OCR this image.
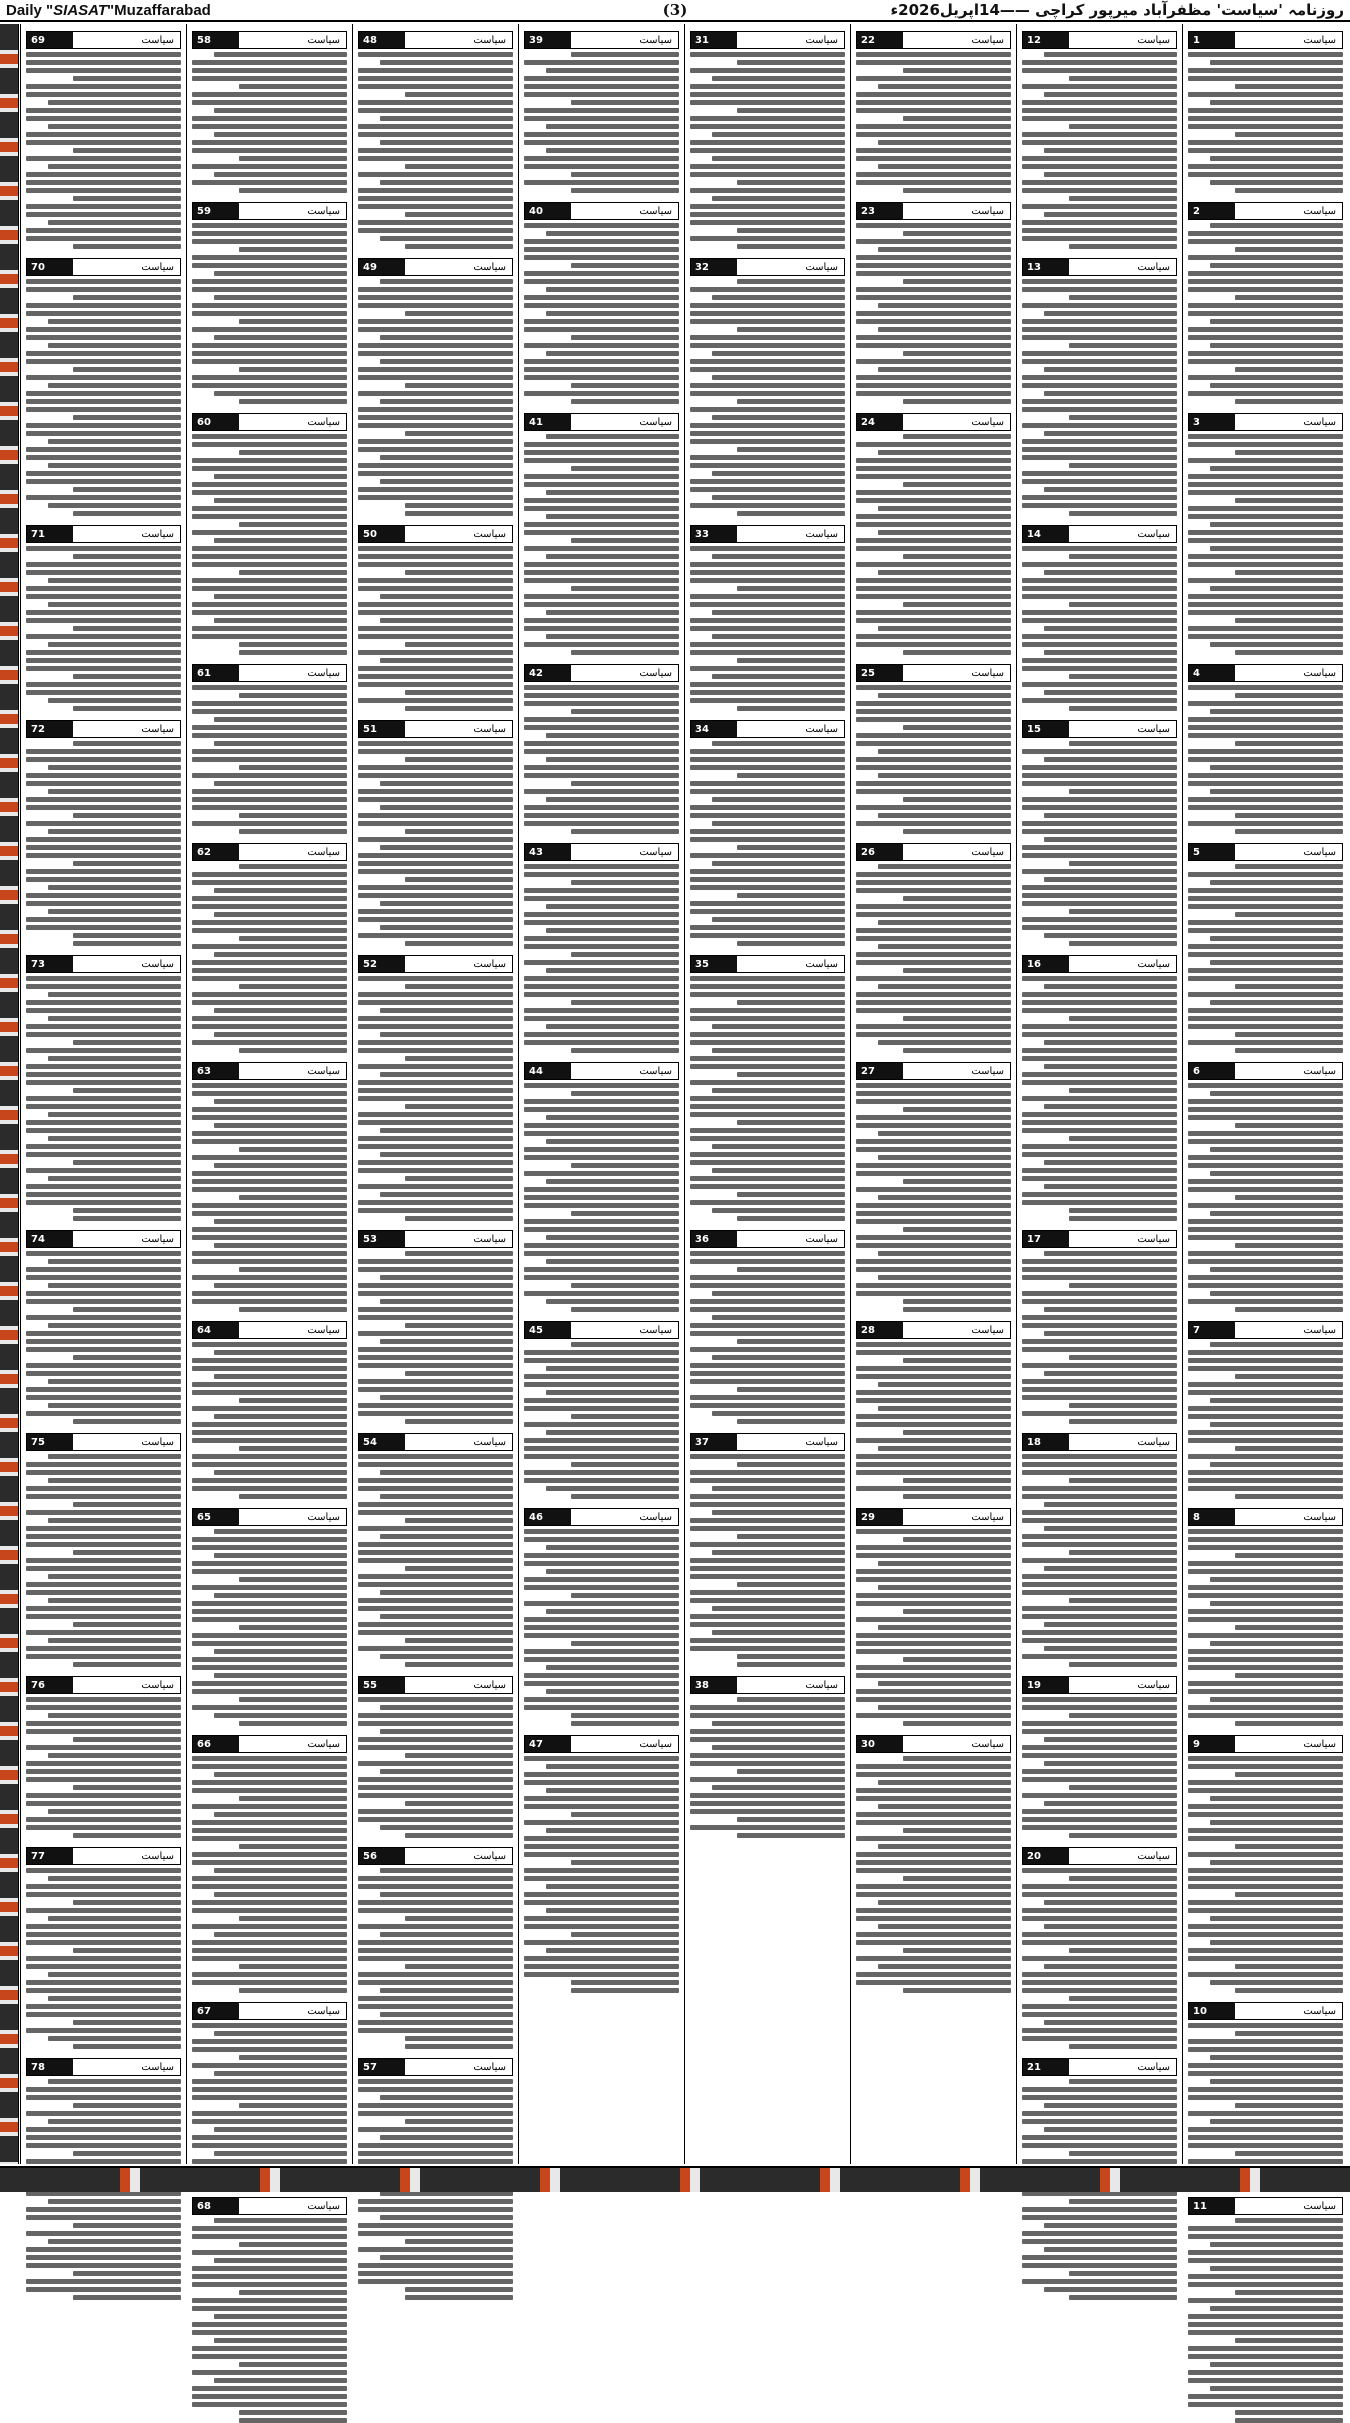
Daily "SIASAT"Muzaffarabad	(3)	روزنامہ 'سیاست' مظفرآباد میرپور کراچی ——14اپریل2026ء
سیاست
1
سیاست
2
سیاست
3
سیاست
4
سیاست
5
سیاست
6
سیاست
7
سیاست
8
سیاست
9
سیاست
10
سیاست
11
سیاست
12
سیاست
13
سیاست
14
سیاست
15
سیاست
16
سیاست
17
سیاست
18
سیاست
19
سیاست
20
سیاست
21
سیاست
22
سیاست
23
سیاست
24
سیاست
25
سیاست
26
سیاست
27
سیاست
28
سیاست
29
سیاست
30
سیاست
31
سیاست
32
سیاست
33
سیاست
34
سیاست
35
سیاست
36
سیاست
37
سیاست
38
سیاست
39
سیاست
40
سیاست
41
سیاست
42
سیاست
43
سیاست
44
سیاست
45
سیاست
46
سیاست
47
سیاست
48
سیاست
49
سیاست
50
سیاست
51
سیاست
52
سیاست
53
سیاست
54
سیاست
55
سیاست
56
سیاست
57
سیاست
58
سیاست
59
سیاست
60
سیاست
61
سیاست
62
سیاست
63
سیاست
64
سیاست
65
سیاست
66
سیاست
67
سیاست
68
سیاست
69
سیاست
70
سیاست
71
سیاست
72
سیاست
73
سیاست
74
سیاست
75
سیاست
76
سیاست
77
سیاست
78
